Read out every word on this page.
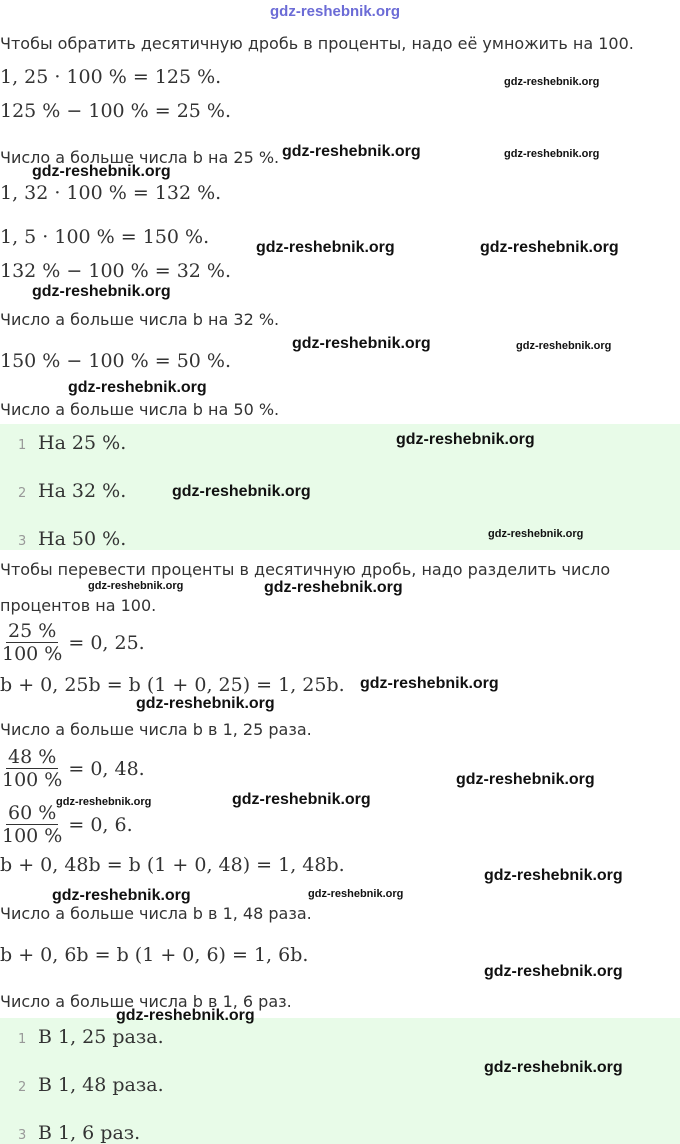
gdz-reshebnik.org
Чтобы обратить десятичную дробь в проценты, надо её умножить на 100.
1, 25 · 100 % = 125 %.
125 % − 100 % = 25 %.
Число a больше числа b на 25 %.
1, 32 · 100 % = 132 %.
1, 5 · 100 % = 150 %.
132 % − 100 % = 32 %.
Число a больше числа b на 32 %.
150 % − 100 % = 50 %.
Число a больше числа b на 50 %.
1 На 25 %.
2 На 32 %.
3 На 50 %.
Чтобы перевести проценты в десятичную дробь, надо разделить число
процентов на 100.
$\frac{25 \%}{100 \%} = 0$, 25.
b + 0, 25b = b (1 + 0, 25) = 1, 25b.
Число a больше числа b в 1, 25 раза.
$\frac{48 \%}{100 \%} = 0$, 48.
$\frac{60 \%}{100 \%} = 0$, 6.
b + 0, 48b = b (1 + 0, 48) = 1, 48b.
Число a больше числа b в 1, 48 раза.
b + 0, 6b = b (1 + 0, 6) = 1, 6b.
Число a больше числа b в 1, 6 раз.
1 В 1, 25 раза.
2 В 1, 48 раза.
3 В 1, 6 раз.
gdz-reshebnik.org
gdz-reshebnik.org	gdz-reshebnik.org
gdz-reshebnik.org
gdz-reshebnik.org	gdz-reshebnik.org
gdz-reshebnik.org
gdz-reshebnik.org	gdz-reshebnik.org
gdz-reshebnik.org
gdz-reshebnik.org
gdz-reshebnik.org
gdz-reshebnik.org
gdz-reshebnik.org	gdz-reshebnik.org
gdz-reshebnik.org
gdz-reshebnik.org
gdz-reshebnik.org
gdz-reshebnik.org	gdz-reshebnik.org
gdz-reshebnik.org
gdz-reshebnik.org	gdz-reshebnik.org
gdz-reshebnik.org
gdz-reshebnik.org
gdz-reshebnik.org
